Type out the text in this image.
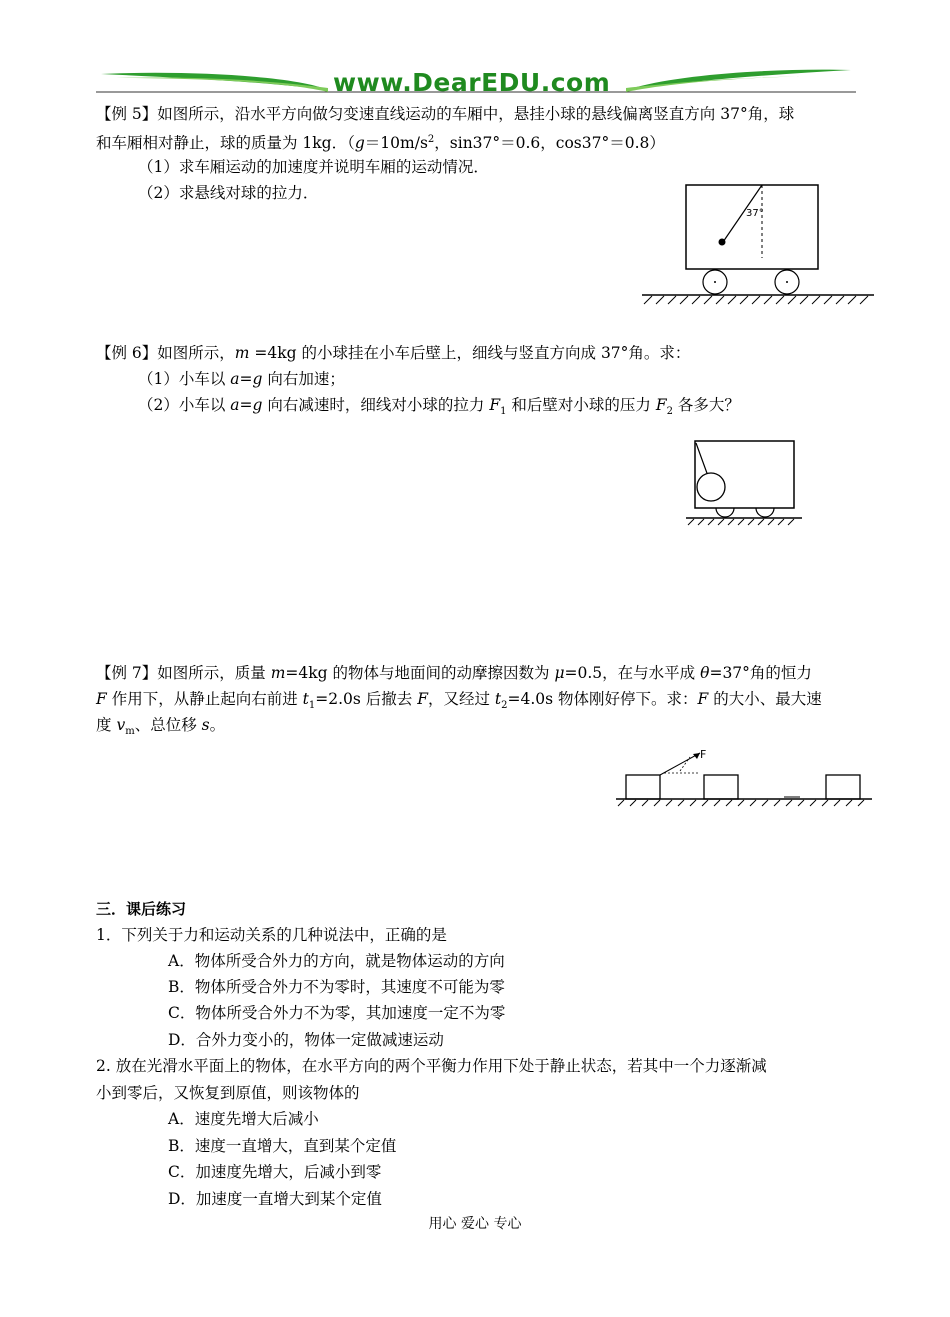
www.DearEDU.com
【例 5】如图所示，沿水平方向做匀变速直线运动的车厢中，悬挂小球的悬线偏离竖直方向 37°角，球
和车厢相对静止，球的质量为 1kg．（$g=10m/s^2$，sin37°＝0.6，cos37°＝0.8）
（1）求车厢运动的加速度并说明车厢的运动情况．
（2）求悬线对球的拉力．
37°
【例 6】如图所示，m =4kg 的小球挂在小车后壁上，细线与竖直方向成 37°角。求：
（1）小车以 a=g 向右加速；
（2）小车以 a=g 向右减速时，细线对小球的拉力 $F_1$ 和后壁对小球的压力 $F_2$ 各多大？
【例 7】如图所示，质量 m=4kg 的物体与地面间的动摩擦因数为 μ=0.5，在与水平成 θ=37°角的恒力
F 作用下，从静止起向右前进 $t_1=2.0s$ 后撤去 F，又经过 $t_2=4.0s$ 物体刚好停下。求：F 的大小、最大速
度 $v_m$、总位移 s。
F
三．课后练习
1．下列关于力和运动关系的几种说法中，正确的是
A．物体所受合外力的方向，就是物体运动的方向
B．物体所受合外力不为零时，其速度不可能为零
C．物体所受合外力不为零，其加速度一定不为零
D．合外力变小的，物体一定做减速运动
2. 放在光滑水平面上的物体，在水平方向的两个平衡力作用下处于静止状态，若其中一个力逐渐减
小到零后，又恢复到原值，则该物体的
A．速度先增大后减小
B．速度一直增大，直到某个定值
C．加速度先增大，后减小到零
D．加速度一直增大到某个定值
用心 爱心 专心
